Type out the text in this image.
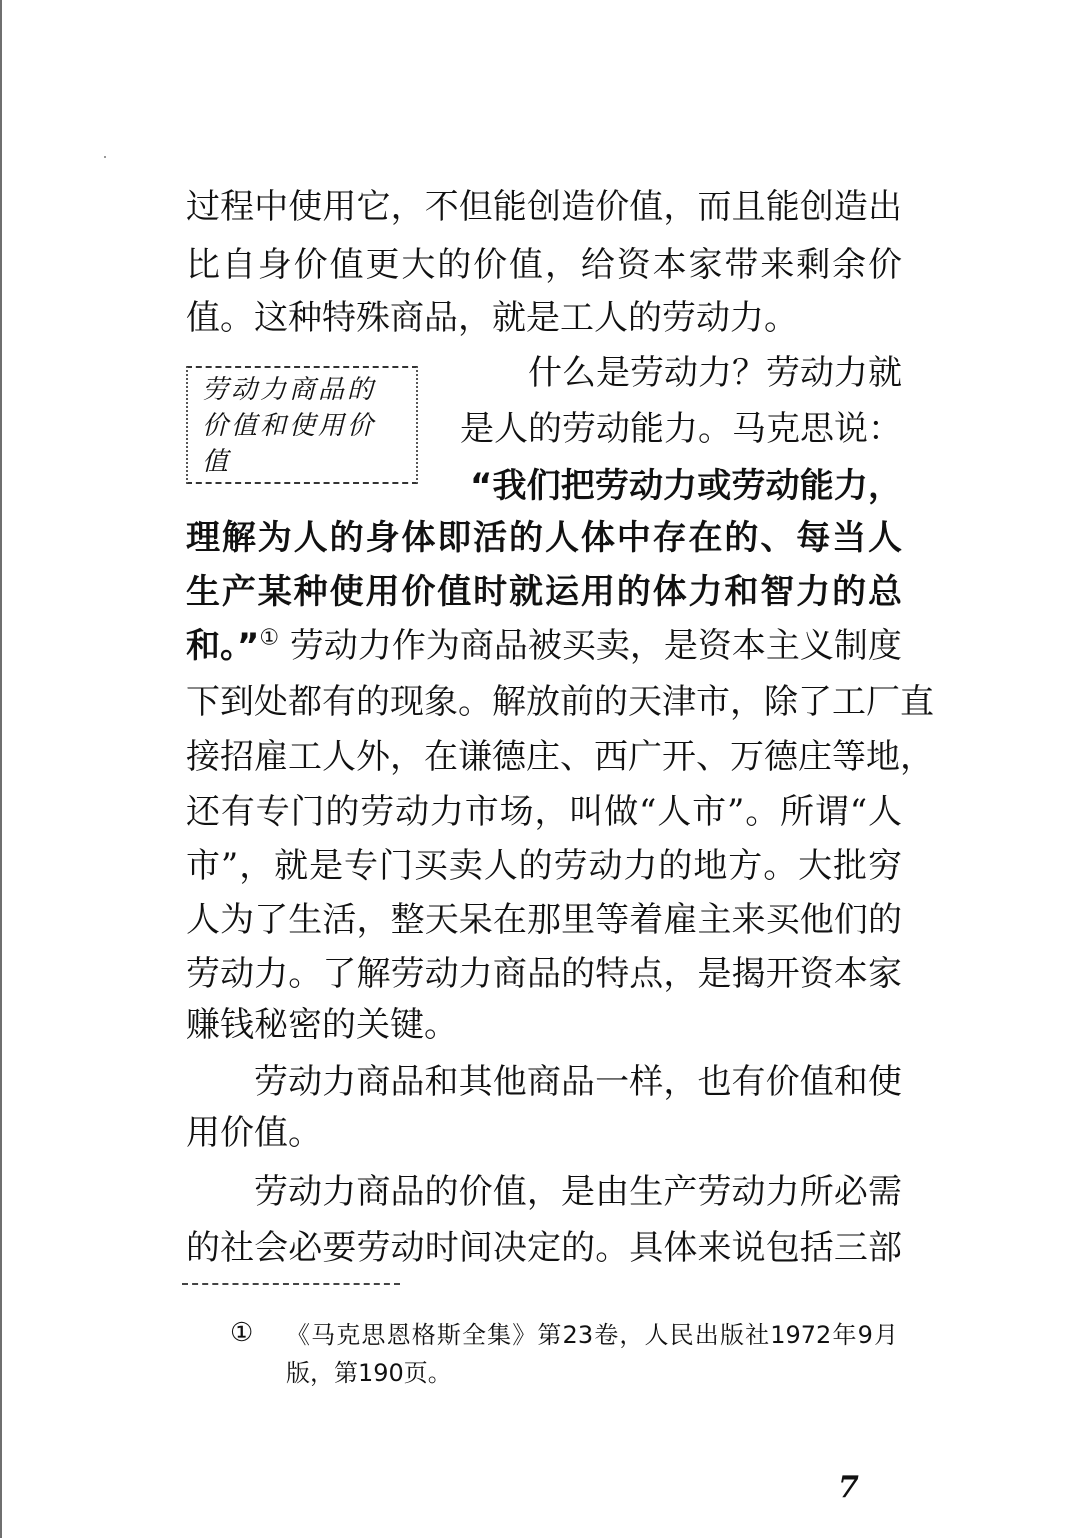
过程中使用它，不但能创造价值，而且能创造出
比自身价值更大的价值，给资本家带来剩余价
值。这种特殊商品，就是工人的劳动力。
劳动力商品的
价值和使用价
值
什么是劳动力？劳动力就
是人的劳动能力。马克思说：
“我们把劳动力或劳动能力，
理解为人的身体即活的人体中存在的、每当人
生产某种使用价值时就运用的体力和智力的总
和。”① 劳动力作为商品被买卖，是资本主义制度
下到处都有的现象。解放前的天津市，除了工厂直
接招雇工人外，在谦德庄、西广开、万德庄等地，
还有专门的劳动力市场，叫做“人市”。所谓“人
市”，就是专门买卖人的劳动力的地方。大批穷
人为了生活，整天呆在那里等着雇主来买他们的
劳动力。了解劳动力商品的特点，是揭开资本家
赚钱秘密的关键。
劳动力商品和其他商品一样，也有价值和使
用价值。
劳动力商品的价值，是由生产劳动力所必需
的社会必要劳动时间决定的。具体来说包括三部
① 《马克思恩格斯全集》第23卷，人民出版社1972年9月
版，第190页。
7
